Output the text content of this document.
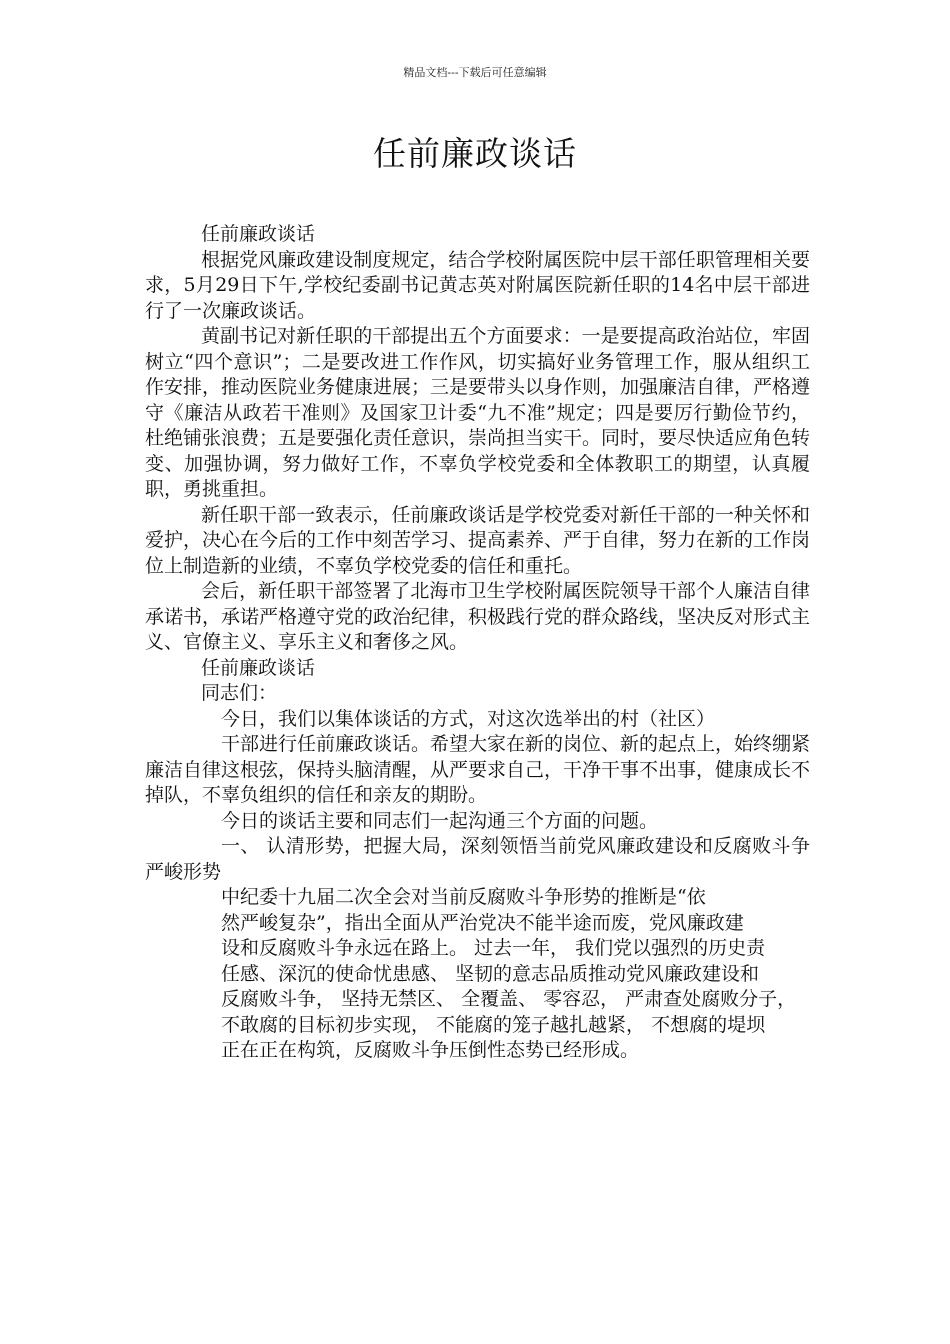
精品文档---下载后可任意编辑
任前廉政谈话

任前廉政谈话

根据党风廉政建设制度规定，结合学校附属医院中层干部任职管理相关要求，5月29日下午,学校纪委副书记黄志英对附属医院新任职的14名中层干部进行了一次廉政谈话。

黄副书记对新任职的干部提出五个方面要求：一是要提高政治站位，牢固树立“四个意识”；二是要改进工作作风，切实搞好业务管理工作，服从组织工作安排，推动医院业务健康进展；三是要带头以身作则，加强廉洁自律，严格遵守《廉洁从政若干准则》及国家卫计委“九不准”规定；四是要厉行勤俭节约，杜绝铺张浪费；五是要强化责任意识，崇尚担当实干。同时，要尽快适应角色转变、加强协调，努力做好工作，不辜负学校党委和全体教职工的期望，认真履职，勇挑重担。

新任职干部一致表示，任前廉政谈话是学校党委对新任干部的一种关怀和爱护，决心在今后的工作中刻苦学习、提高素养、严于自律，努力在新的工作岗位上制造新的业绩，不辜负学校党委的信任和重托。

会后，新任职干部签署了北海市卫生学校附属医院领导干部个人廉洁自律承诺书，承诺严格遵守党的政治纪律，积极践行党的群众路线，坚决反对形式主义、官僚主义、享乐主义和奢侈之风。

任前廉政谈话

同志们：

今日，我们以集体谈话的方式，对这次选举出的村（社区）

干部进行任前廉政谈话。希望大家在新的岗位、新的起点上，始终绷紧廉洁自律这根弦，保持头脑清醒，从严要求自己，干净干事不出事，健康成长不掉队，不辜负组织的信任和亲友的期盼。

今日的谈话主要和同志们一起沟通三个方面的问题。

一、 认清形势，把握大局，深刻领悟当前党风廉政建设和反腐败斗争严峻形势

中纪委十九届二次全会对当前反腐败斗争形势的推断是“依

然严峻复杂”，指出全面从严治党决不能半途而废，党风廉政建

设和反腐败斗争永远在路上。 过去一年， 我们党以强烈的历史责

任感、深沉的使命忧患感、 坚韧的意志品质推动党风廉政建设和

反腐败斗争， 坚持无禁区、 全覆盖、 零容忍， 严肃查处腐败分子，

不敢腐的目标初步实现， 不能腐的笼子越扎越紧， 不想腐的堤坝

正在正在构筑，反腐败斗争压倒性态势已经形成。
